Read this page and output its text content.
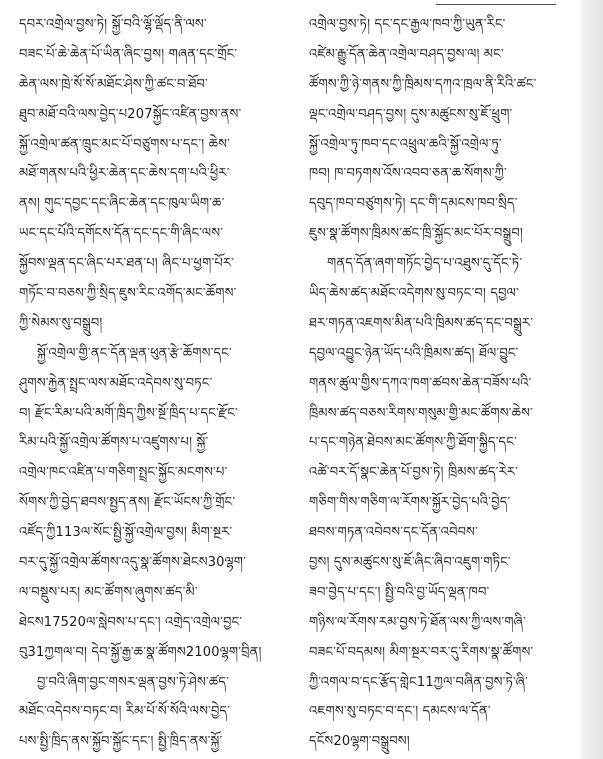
དབར་འགྲེལ་བྱས་ཏེ། སྐྱོ་བའི་ལྷོ་ལྡོད་ནི་ལས་
བཟང་པོ་ཆེ་ཆེན་པོ་ཡིན་ཞིང་བྱས། གཞན་དང་གྲོང་
ཆེན་ལས་ཁྲེ་སོ་སོ་མཐོང་ཤེས་ཀྱི་ཚང་བ་ཐོབ་
ཐུབ་མཐོ་བའི་ལས་བྱེད་པ207སྐྱོང་འཛིན་བྱས་ནས་
སྐྱོ་འགྲེལ་ཚན་ཁྲུང་མང་པོ་བཙུགས་པ་དང་། ཆེས་
མཐོ་གནས་པའི་ཕྱིར་ཆེན་དང་ཆེས་དག་པའི་ཕྱིར་
ནས། གུང་དབྱང་དང་ཞིང་ཆེན་དང་ཁུལ་ཡིག་ཆ་
ཡང་དང་པོའི་དགོངས་དོན་དང་དང་གི་ཞིང་ལས་
སྐྱོབས་ལྡན་དང་ཞིང་པར་ཐན་པ། ཞིང་པ་ཕྱག་པོར་
གཏོང་བ་བཅས་ཀྱི་སྲིད་ཇུས་རིང་འགོད་མང་ཆོགས་
ཀྱི་སེམས་སུ་བསྒྲུབ།
སྐྱོ་འགྲེལ་གྱི་ནང་དོན་ལྡན་ཕུན་རྩེ་ཆོགས་དང་
ཤུགས་རྐྱེན་སྤྲང་ལས་མཐོང་འདེབས་སུ་བཏང་
བ། རྫོང་རིམ་པའི་མགོ་ཁྲིད་ཀྱིས་སྔོ་ཁྲིད་པ་དང་རྫོང་
རིམ་པའི་སྐྱོ་འགྲེལ་ཚོགས་པ་འཛུགས་པ། སྐྱོ་
འགྲེལ་ཁང་འཛིན་པ་གཅིག་སྤྲང་སྐྱོང་མངགས་པ་
སོགས་ཀྱི་བྱེད་ཐབས་སྤྱད་ནས། རྫོང་ཡོངས་ཀྱི་གྲོང་
འཛོད་ཀྱི113ལ་སོང་སྤྱི་སྐྱོ་འགྲེལ་བྱས། མིག་སྔར་
བར་དུ་སྐྱོ་འགྲེལ་ཚོགས་འདུ་སྣ་ཚོགས་ཐེངས30ལྷག་
ལ་བསྡུས་པར། མང་ཚོགས་ཞུགས་ཚད་མི་
ཐེངས17520ལ་སླེབས་པ་དང་། འགྲེད་འགྲེལ་བྱང་
བུ31ཀྱགལ་བ། དེབ་སྐྱོ་རྒྱ་ཆ་སྣ་ཚོགས2100ལྷག་བྲིན།
བྱ་བའི་ཞིག་བྱང་གསར་ལྡན་བྱས་ཏེ་ཤེས་ཚད་
མཐོང་འདེབས་བཏང་བ། རིམ་པོ་སོ་སོའི་ལས་བྱེད་
པས་སྤྱི་ཁྲིད་ནས་སྐྱོབ་སྐྱོང་དང་། སྤྱི་ཁྲིད་ནས་སྐྱོ་
འགྲེལ་བྱས་ཏེ། དང་དང་རྒྱལ་ཁབ་ཀྱི་ཡུན་རིང་
འཛེམ་རྒྱུ་དོན་ཆེན་འགྲེལ་བཤད་བྱས་ལ། མང་
ཚོགས་ཀྱི་ཉེ་གནས་ཀྱི་ཁྲིམས་དཀའ་ཁྲལ་ནི་རིའི་ཚང་
ལྡང་འགྲེལ་བཤད་བྱས། དུས་མཚུངས་སུ་ཇོ་ཕྲུག་
སྐྱོ་འགྲེལ་ཏུ་ཁབ་དང་འཕྲུལ་ཆའི་སྐྱོ་འགྲེལ་ཏུ་
ཁབ། ཁ་བཏགས་འོས་འབབ་ཅན་ཆ་སོགས་ཀྱི་
དབུད་ཁབ་བཙུགས་ཏེ། དང་གི་དམངས་ཁབ་སྲིད་
ཇུས་སྣ་ཚོགས་ཁྲིམས་ཚང་ཁྲི་སྐྱོང་མང་པོར་བསྒྲུབ།
གནད་དོན་ཞག་གཏོང་བྱེད་པ་འཐུས་དུ་དོང་ཏེ་
ཡིད་ཆེས་ཚད་མཐོང་འདེགས་སུ་བཏང་བ། དབྱལ་
ཐར་གཏན་འཇགས་མིན་པའི་ཁྲིམས་ཚད་དང་བསྒྲུར་
དབྱལ་འབྱུང་ཉེན་ཡོད་པའི་ཁྲིམས་ཚད། ཐོལ་བྱུང་
གནས་ཚུལ་གྱིས་དཀའ་ཁག་ཚབས་ཆེན་བཟོས་པའི་
ཁྲིམས་ཚད་བཅས་རིགས་གསུམ་གྱི་མང་ཚོགས་ཆེས་
པ་དང་གཉེན་ཐེབས་མང་ཚོགས་ཀྱི་ཐོག་སྐྱིད་དང་
འཚེ་བར་དོ་སྣང་ཆེན་པོ་བྱས་ཏེ། ཁྲིམས་ཚད་རེར་
གཅིག་གིས་གཅིག་ལ་རོགས་སྐྱོར་བྱེད་པའི་བྱེད་
ཐབས་གཏན་འབེབས་དང་དོན་འབེབས་
བྱས། དུས་མཚུངས་སུ་ཇོ་ཞིང་ཞིབ་འཇུག་གཏིང་
ཟབ་བྱེད་པ་དང་། སྤྱི་བའི་བྱ་ཡོད་ལྡན་ཁབ་
གཉིས་ལ་རོགས་རམ་བྱས་ཏེ་ཐོན་ལས་ཀྱི་ལས་གཞི་
བཟང་པོ་བདམས། མིག་སྔར་བར་དུ་རིགས་སྣ་ཚོགས་
ཀྱི་འགལ་བ་དང་རྩོད་གླེང11ཀྱལ་བཞིན་བྱས་ཏེ་ཞི་
འཇགས་སུ་བཏང་བ་དང་། དམངས་ལ་དོན་
དངོས20ལྷག་བསྒྲུབས།
